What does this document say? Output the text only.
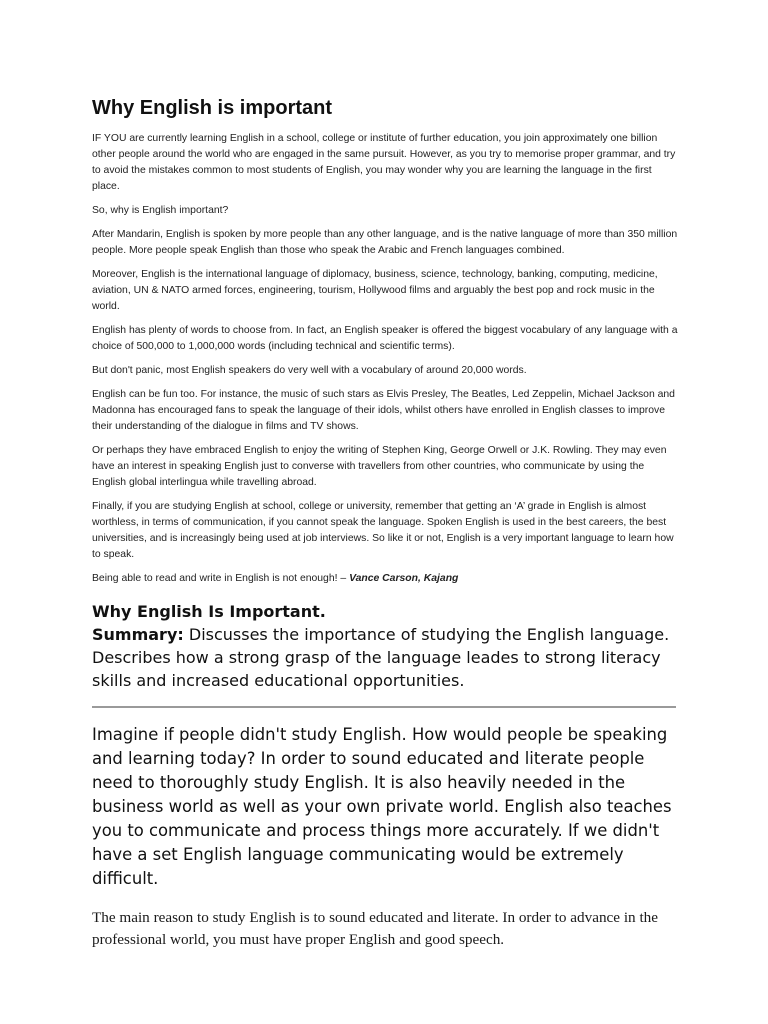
Why English is important

IF YOU are currently learning English in a school, college or institute of further education, you join approximately one billion other people around the world who are engaged in the same pursuit. However, as you try to memorise proper grammar, and try to avoid the mistakes common to most students of English, you may wonder why you are learning the language in the first place.

So, why is English important?

After Mandarin, English is spoken by more people than any other language, and is the native language of more than 350 million people. More people speak English than those who speak the Arabic and French languages combined.

Moreover, English is the international language of diplomacy, business, science, technology, banking, computing, medicine, aviation, UN & NATO armed forces, engineering, tourism, Hollywood films and arguably the best pop and rock music in the world.

English has plenty of words to choose from. In fact, an English speaker is offered the biggest vocabulary of any language with a choice of 500,000 to 1,000,000 words (including technical and scientific terms).

But don't panic, most English speakers do very well with a vocabulary of around 20,000 words.

English can be fun too. For instance, the music of such stars as Elvis Presley, The Beatles, Led Zeppelin, Michael Jackson and Madonna has encouraged fans to speak the language of their idols, whilst others have enrolled in English classes to improve their understanding of the dialogue in films and TV shows.

Or perhaps they have embraced English to enjoy the writing of Stephen King, George Orwell or J.K. Rowling. They may even have an interest in speaking English just to converse with travellers from other countries, who communicate by using the English global interlingua while travelling abroad.

Finally, if you are studying English at school, college or university, remember that getting an ‘A’ grade in English is almost worthless, in terms of communication, if you cannot speak the language. Spoken English is used in the best careers, the best universities, and is increasingly being used at job interviews. So like it or not, English is a very important language to learn how to speak.

Being able to read and write in English is not enough! – Vance Carson, Kajang

Why English Is Important.
Summary: Discusses the importance of studying the English language. Describes how a strong grasp of the language leades to strong literacy skills and increased educational opportunities.

Imagine if people didn't study English. How would people be speaking and learning today? In order to sound educated and literate people need to thoroughly study English. It is also heavily needed in the business world as well as your own private world. English also teaches you to communicate and process things more accurately. If we didn't have a set English language communicating would be extremely difficult.

The main reason to study English is to sound educated and literate. In order to advance in the professional world, you must have proper English and good speech.
